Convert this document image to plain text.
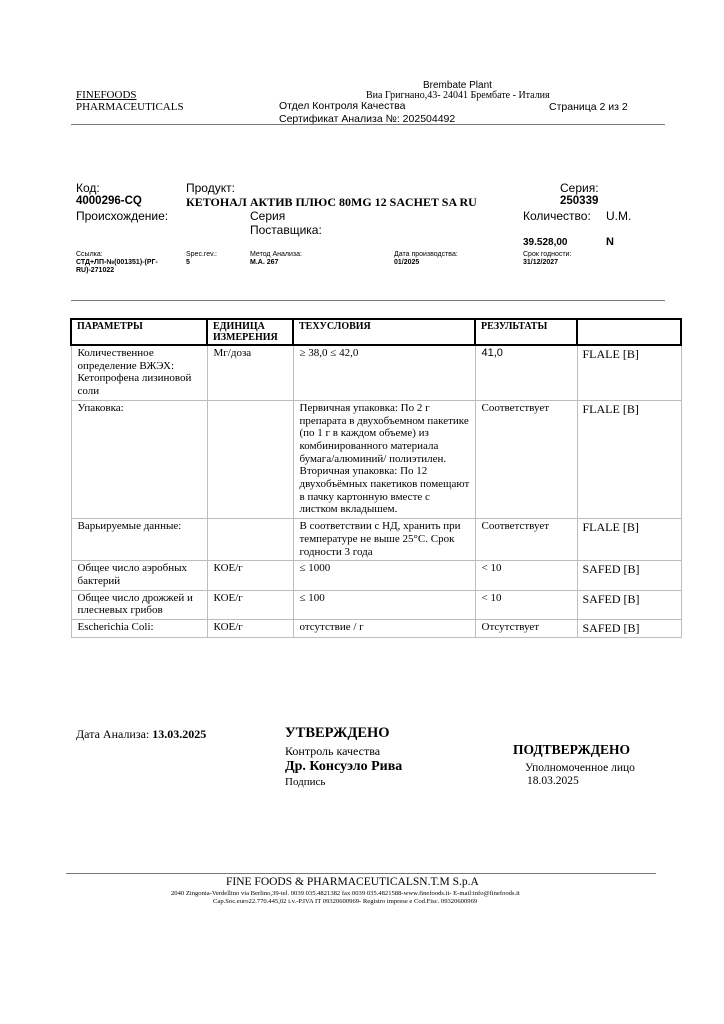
FINEFOODS
PHARMACEUTICALS
Brembate Plant
Виа Григнано,43- 24041 Брембате - Италия
Отдел Контроля Качества
Сертификат Анализа №: 202504492
Страница 2 из 2
Код:
4000296-CQ
Продукт:
КЕТОНАЛ АКТИВ ПЛЮС 80MG 12 SACHET SA RU
Серия:
250339
Происхождение:	Серия
Поставщика:
Количество: U.M.
39.528,00	N
Ссылка:
СТД+ЛП-№(001351)-(РГ-RU)-271022
Spec.rev.:
5
Метод Анализа:
M.A. 267
Дата производства:
01/2025
Срок годности:
31/12/2027
ПАРАМЕТРЫ	ЕДИНИЦА ИЗМЕРЕНИЯ	ТЕХУСЛОВИЯ	РЕЗУЛЬТАТЫ	
Количественное определение ВЖЭХ: Кетопрофена лизиновой соли	Мг/доза	≥ 38,0 ≤ 42,0	41,0	FLALE [B]
Упаковка:		Первичная упаковка: По 2 г препарата в двухобъемном пакетике (по 1 г в каждом объеме) из комбинированного материала бумага/алюминий/ полиэтилен. Вторичная упаковка: По 12 двухобъёмных пакетиков помещают в пачку картонную вместе с листком вкладышем.	Соответствует	FLALE [B]
Варьируемые данные:		В соответствии с НД, хранить при температуре не выше 25°С. Срок годности 3 года	Соответствует	FLALE [B]
Общее число аэробных бактерий	КОЕ/г	≤ 1000	< 10	SAFED [B]
Общее число дрожжей и плесневых грибов	КОЕ/г	≤ 100	< 10	SAFED [B]
Escherichia Coli:	КОЕ/г	отсутствие / г	Отсутствует	SAFED [B]
Дата Анализа: 13.03.2025	УТВЕРЖДЕНО
Контроль качества
Др. Консуэло Рива
Подпись
ПОДТВЕРЖДЕНО
Уполномоченное лицо
18.03.2025
FINE FOODS & PHARMACEUTICALSN.T.M S.p.A
2040 Zingonia-Verdellino via Berlino,39-tel. 0039 035.4821382 fax 0039 035.4821588-www.finefoods.it- E-mail:info@finefoods.it
Cap.Soc.euro22.770.445,02 i.v.-P.IVA IT 09320600969- Registro imprese e Cod.Fisc. 09320600969
